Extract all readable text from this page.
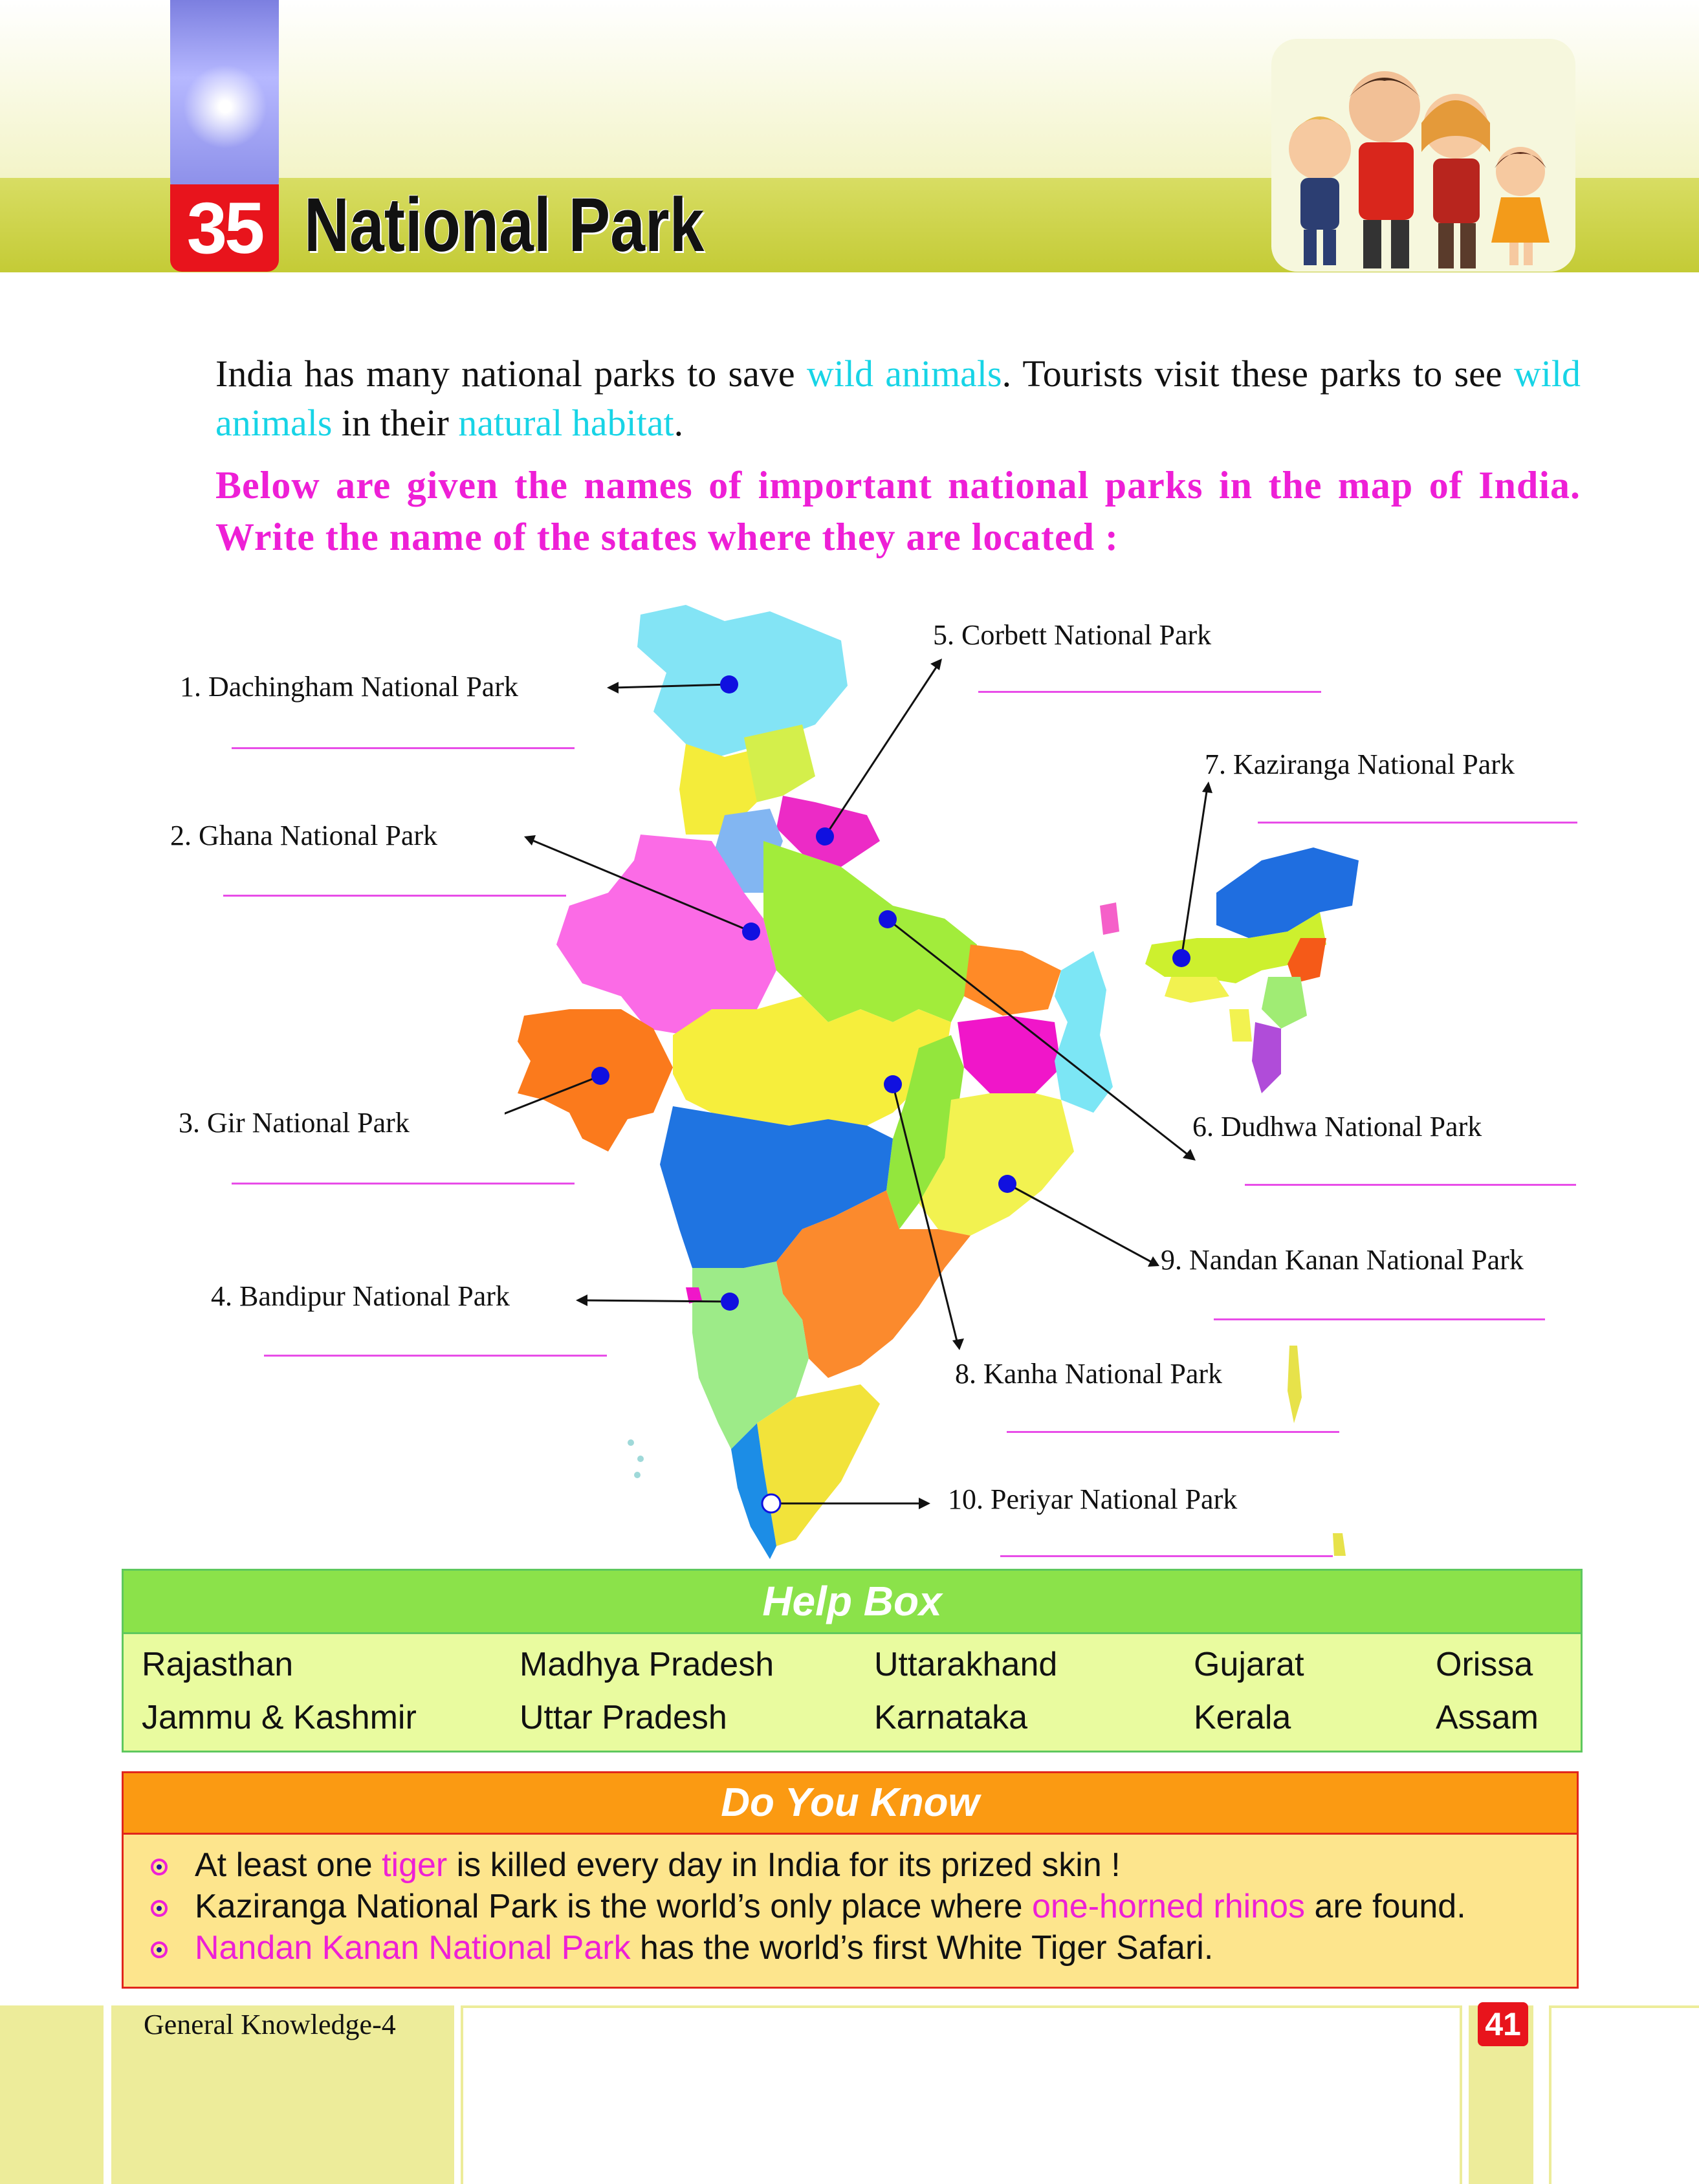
35 National Park
India has many national parks to save wild animals. Tourists visit these parks to see wild animals in their natural habitat.
Below are given the names of important national parks in the map of India. Write the name of the states where they are located :
1. Dachingham National Park
2. Ghana National Park
3. Gir National Park
4. Bandipur National Park
5. Corbett National Park
6. Dudhwa National Park
7. Kaziranga National Park
8. Kanha National Park
9. Nandan Kanan National Park
10. Periyar National Park
Help Box
Rajasthan	Madhya Pradesh	Uttarakhand	Gujarat	Orissa
Jammu & Kashmir	Uttar Pradesh	Karnataka	Kerala	Assam
Do You Know
At least one tiger is killed every day in India for its prized skin !
Kaziranga National Park is the world’s only place where one-horned rhinos are found.
Nandan Kanan National Park has the world’s first White Tiger Safari.
General Knowledge-4	41
